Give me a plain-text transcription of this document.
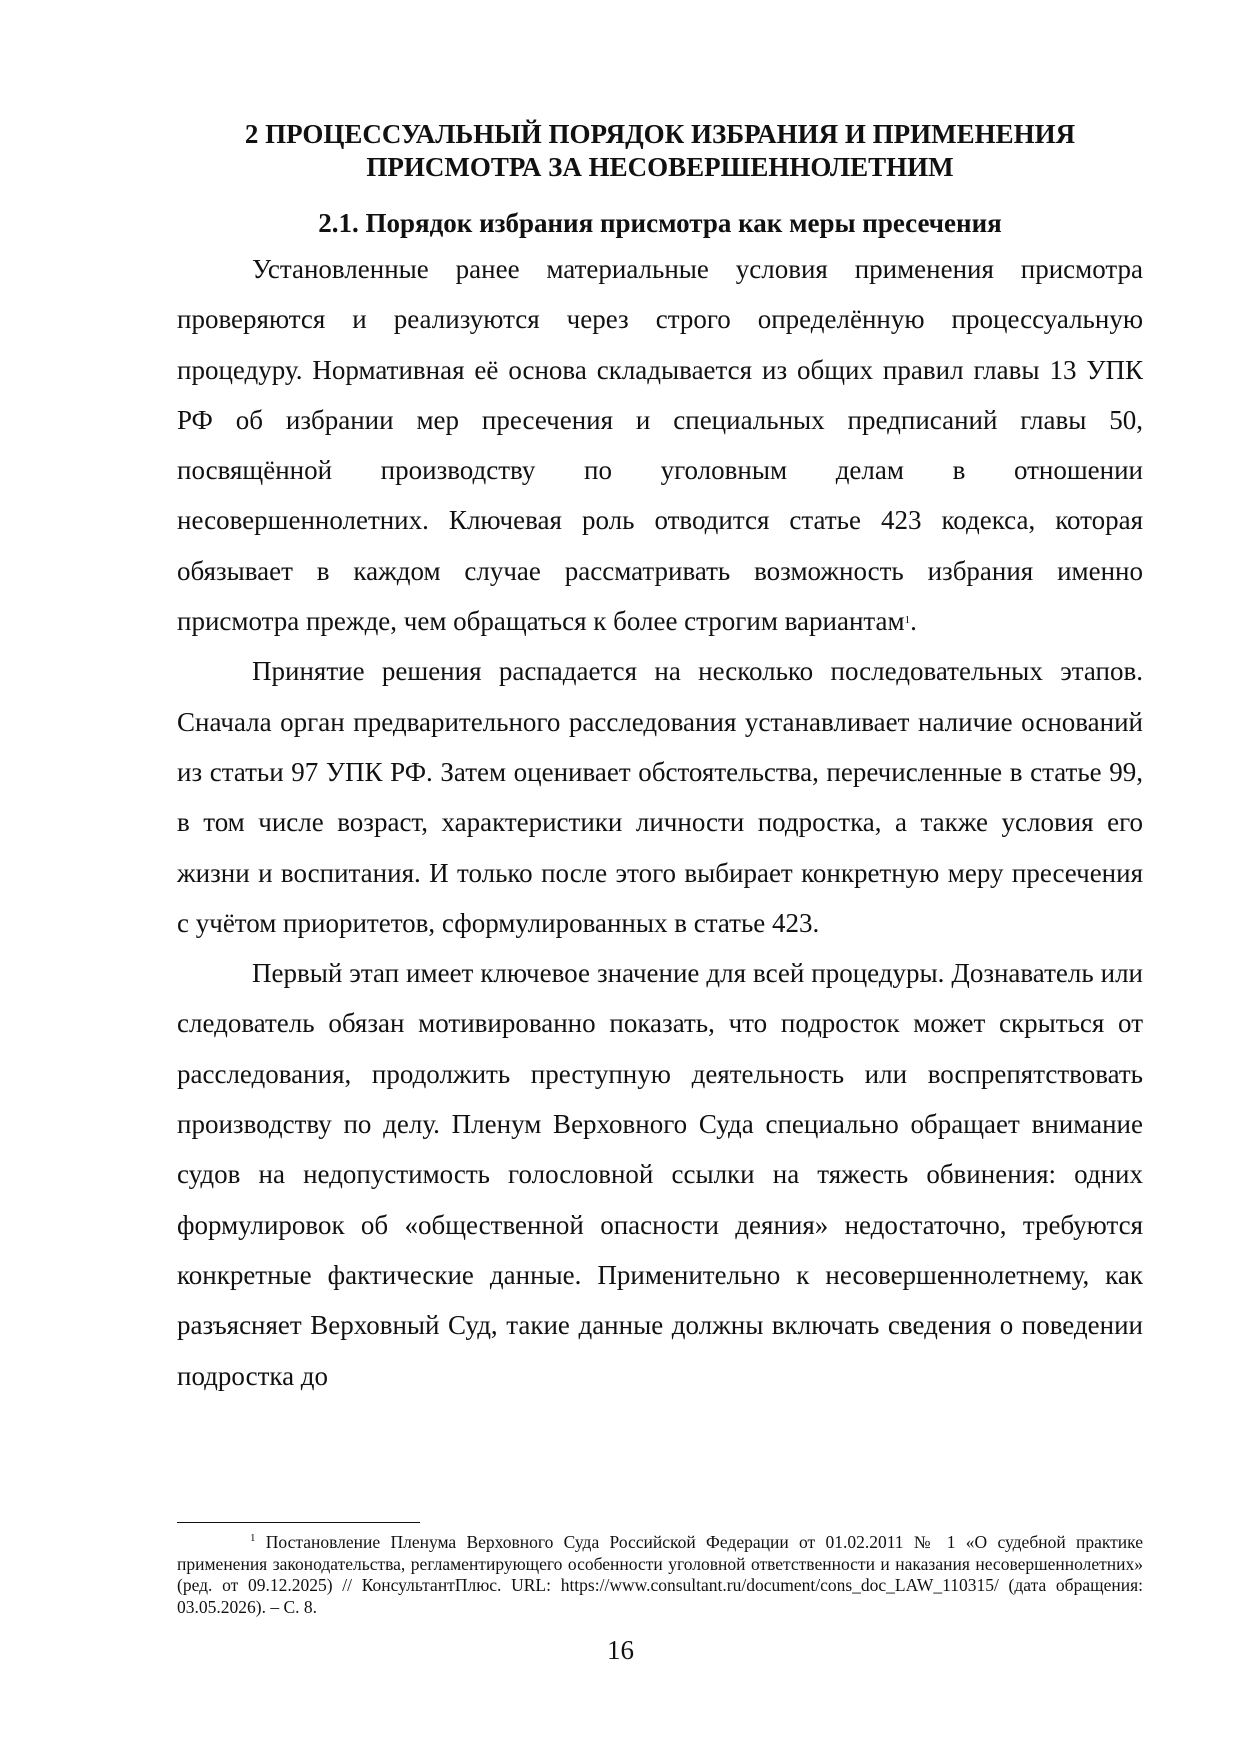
2 ПРОЦЕССУАЛЬНЫЙ ПОРЯДОК ИЗБРАНИЯ И ПРИМЕНЕНИЯ
ПРИСМОТРА ЗА НЕСОВЕРШЕННОЛЕТНИМ
2.1. Порядок избрания присмотра как меры пресечения

Установленные ранее материальные условия применения присмотра проверяются и реализуются через строго определённую процессуальную процедуру. Нормативная её основа складывается из общих правил главы 13 УПК РФ об избрании мер пресечения и специальных предписаний главы 50, посвящённой производству по уголовным делам в отношении несовершеннолетних. Ключевая роль отводится статье 423 кодекса, которая обязывает в каждом случае рассматривать возможность избрания именно присмотра прежде, чем обращаться к более строгим вариантам$^1$.

Принятие решения распадается на несколько последовательных этапов. Сначала орган предварительного расследования устанавливает наличие оснований из статьи 97 УПК РФ. Затем оценивает обстоятельства, перечисленные в статье 99, в том числе возраст, характеристики личности подростка, а также условия его жизни и воспитания. И только после этого выбирает конкретную меру пресечения с учётом приоритетов, сформулированных в статье 423.

Первый этап имеет ключевое значение для всей процедуры. Дознаватель или следователь обязан мотивированно показать, что подросток может скрыться от расследования, продолжить преступную деятельность или воспрепятствовать производству по делу. Пленум Верховного Суда специально обращает внимание судов на недопустимость голословной ссылки на тяжесть обвинения: одних формулировок об «общественной опасности деяния» недостаточно, требуются конкретные фактические данные. Применительно к несовершеннолетнему, как разъясняет Верховный Суд, такие данные должны включать сведения о поведении подростка до

$^1$ Постановление Пленума Верховного Суда Российской Федерации от 01.02.2011 № 1 «О судебной практике применения законодательства, регламентирующего особенности уголовной ответственности и наказания несовершеннолетних» (ред. от 09.12.2025) // КонсультантПлюс. URL: https://www.consultant.ru/document/cons_doc_LAW_110315/ (дата обращения: 03.05.2026). – С. 8.
16
